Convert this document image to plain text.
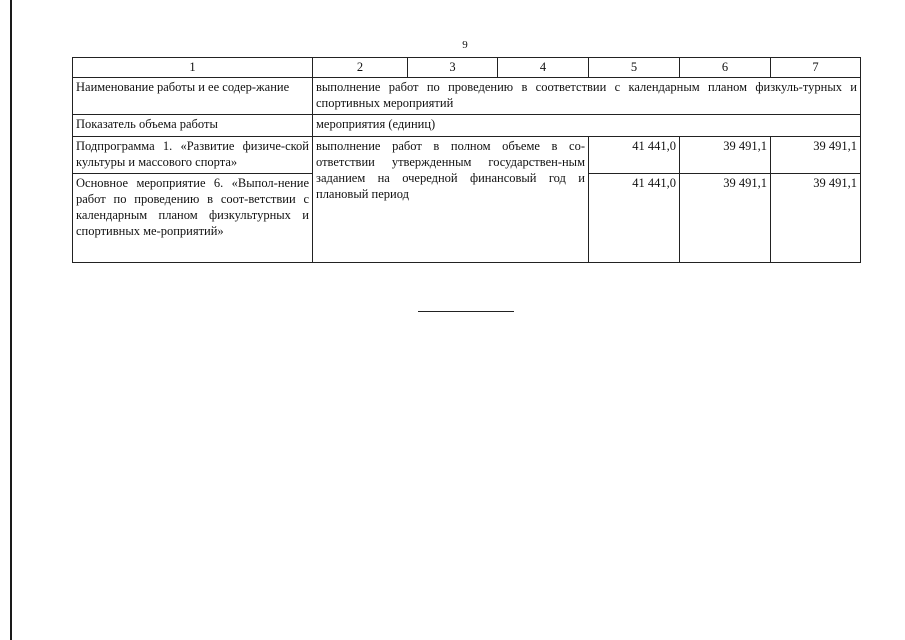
9
1	2	3	4	5	6	7
Наименование работы и ее содер-жание	выполнение работ по проведению в соответствии с календарным планом физкуль-турных и спортивных мероприятий					
Показатель объема работы	мероприятия (единиц)					
Подпрограмма 1. «Развитие физиче-ской культуры и массового спорта»	выполнение работ в полном объеме в со-ответствии утвержденным государствен-ным заданием на очередной финансовый год и плановый период			41 441,0	39 491,1	39 491,1
Основное мероприятие 6. «Выпол-нение работ по проведению в соот-ветствии с календарным планом физкультурных и спортивных ме-роприятий»				41 441,0	39 491,1	39 491,1
